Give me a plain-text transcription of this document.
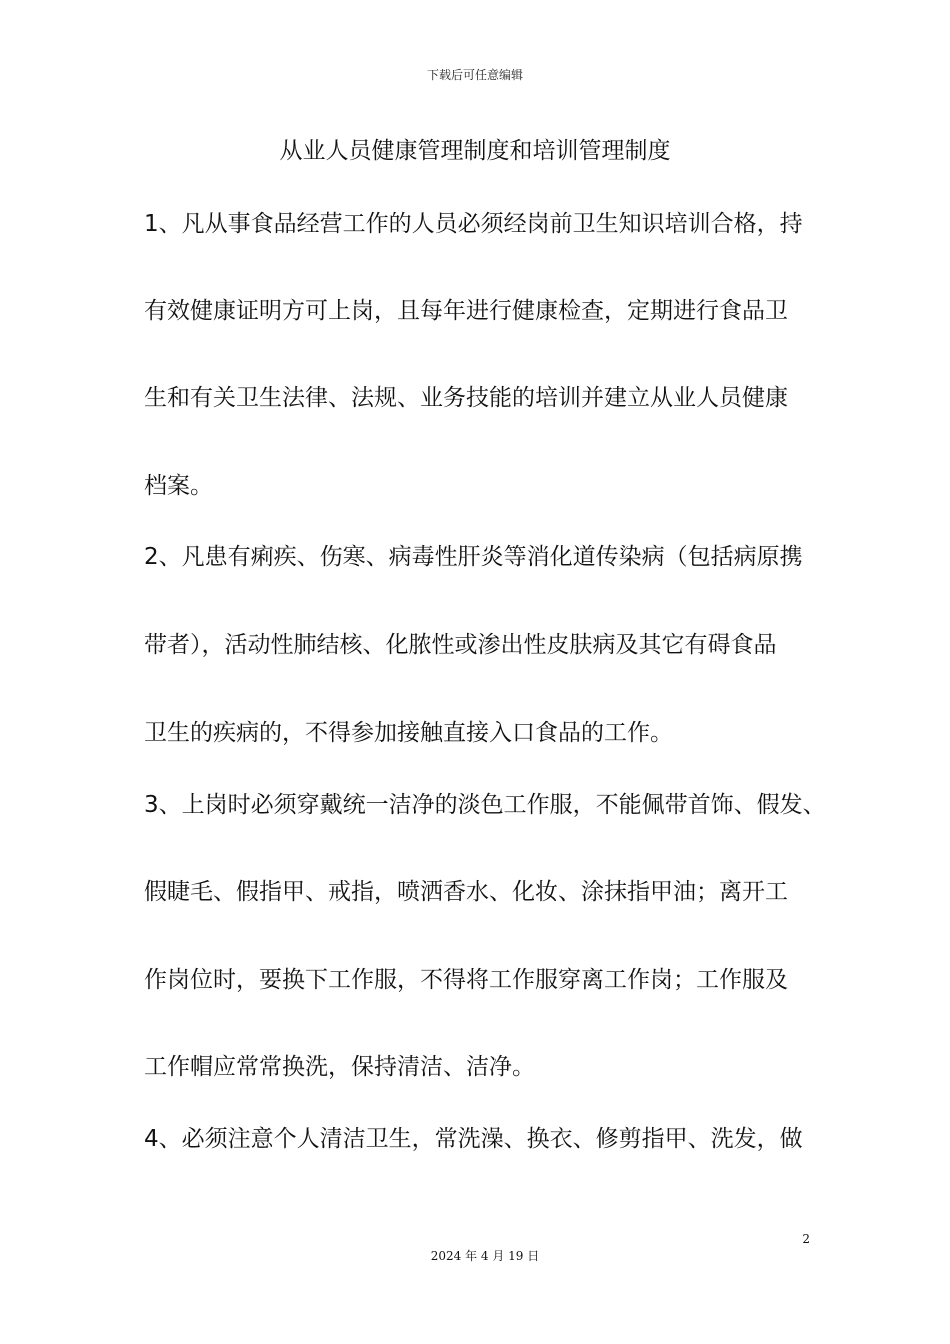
下载后可任意编辑
从业人员健康管理制度和培训管理制度
1、凡从事食品经营工作的人员必须经岗前卫生知识培训合格，持
有效健康证明方可上岗，且每年进行健康检查，定期进行食品卫
生和有关卫生法律、法规、业务技能的培训并建立从业人员健康
档案。
2、凡患有痢疾、伤寒、病毒性肝炎等消化道传染病（包括病原携
带者），活动性肺结核、化脓性或渗出性皮肤病及其它有碍食品
卫生的疾病的，不得参加接触直接入口食品的工作。
3、上岗时必须穿戴统一洁净的淡色工作服，不能佩带首饰、假发、
假睫毛、假指甲、戒指，喷洒香水、化妆、涂抹指甲油；离开工
作岗位时，要换下工作服，不得将工作服穿离工作岗；工作服及
工作帽应常常换洗，保持清洁、洁净。
4、必须注意个人清洁卫生，常洗澡、换衣、修剪指甲、洗发，做
2
2024 年 4 月 19 日
